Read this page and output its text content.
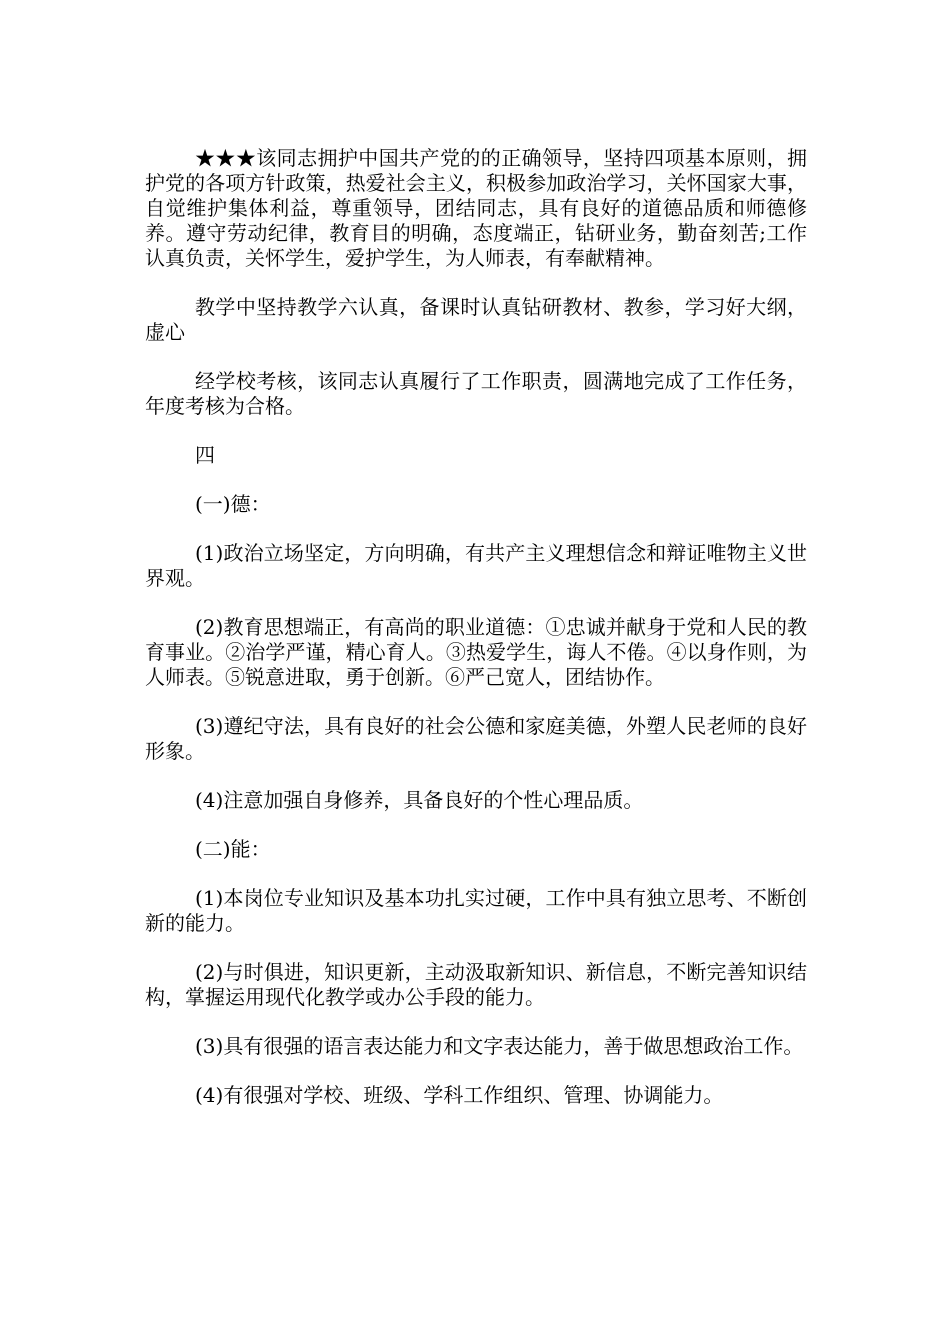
★★★该同志拥护中国共产党的的正确领导，坚持四项基本原则，拥护党的各项方针政策，热爱社会主义，积极参加政治学习，关怀国家大事，自觉维护集体利益，尊重领导，团结同志，具有良好的道德品质和师德修养。遵守劳动纪律，教育目的明确，态度端正，钻研业务，勤奋刻苦;工作认真负责，关怀学生，爱护学生，为人师表，有奉献精神。

教学中坚持教学六认真，备课时认真钻研教材、教参，学习好大纲，虚心

经学校考核，该同志认真履行了工作职责，圆满地完成了工作任务，年度考核为合格。

四

(一)德：

(1)政治立场坚定，方向明确，有共产主义理想信念和辩证唯物主义世界观。

(2)教育思想端正，有高尚的职业道德：①忠诚并献身于党和人民的教育事业。②治学严谨，精心育人。③热爱学生，诲人不倦。④以身作则，为人师表。⑤锐意进取，勇于创新。⑥严己宽人，团结协作。

(3)遵纪守法，具有良好的社会公德和家庭美德，外塑人民老师的良好形象。

(4)注意加强自身修养，具备良好的个性心理品质。

(二)能：

(1)本岗位专业知识及基本功扎实过硬，工作中具有独立思考、不断创新的能力。

(2)与时俱进，知识更新，主动汲取新知识、新信息，不断完善知识结构，掌握运用现代化教学或办公手段的能力。

(3)具有很强的语言表达能力和文字表达能力，善于做思想政治工作。

(4)有很强对学校、班级、学科工作组织、管理、协调能力。
